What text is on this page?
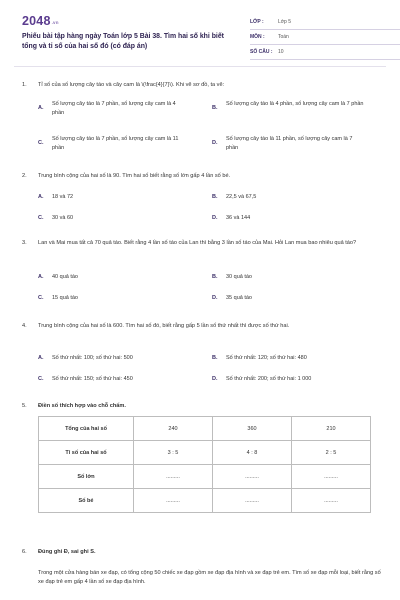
$2048^{.vn}$
Phiếu bài tập hàng ngày Toán lớp 5 Bài 38. Tìm hai số khi biết tổng và tỉ số của hai số đó (có đáp án)
LỚP :	Lớp 5
MÔN :	Toán
SỐ CÂU : 10
1. Tỉ số của số lượng cây táo và cây cam là \(\frac{4}{7}\). Khi vẽ sơ đồ, ta vẽ:
A.
Số lượng cây táo là 7 phần, số lượng cây cam là 4 phần
B.
Số lượng cây táo là 4 phần, số lượng cây cam là 7 phần
C.
Số lượng cây táo là 7 phần, số lượng cây cam là 11 phần
D.
Số lượng cây táo là 11 phần, số lượng cây cam là 7 phần
2. Trung bình cộng của hai số là 90. Tìm hai số biết rằng số lớn gấp 4 lần số bé.
A. 18 và 72	B. 22,5 và 67,5
C. 30 và 60	D. 36 và 144
3. Lan và Mai mua tất cả 70 quả táo. Biết rằng 4 lần số táo của Lan thì bằng 3 lần số táo của Mai. Hỏi Lan mua bao nhiêu quả táo?
A. 40 quả táo	B. 30 quả táo
C. 15 quả táo	D. 35 quả táo
4. Trung bình cộng của hai số là 600. Tìm hai số đó, biết rằng gấp 5 lần số thứ nhất thì được số thứ hai.
A. Số thứ nhất: 100; số thứ hai: 500	B. Số thứ nhất: 120; số thứ hai: 480
C. Số thứ nhất: 150; số thứ hai: 450	D. Số thứ nhất: 200; số thứ hai: 1 000
5. Điền số thích hợp vào chỗ chấm.
Tổng của hai số	240	360	210
Tỉ số của hai số	3 : 5	4 : 8	2 : 5
Số lớn	.........	.........	.........
Số bé	.........	.........	.........
6. Đúng ghi Đ, sai ghi S.
Trong một cửa hàng bán xe đạp, có tổng cộng 50 chiếc xe đạp gồm xe đạp địa hình và xe đạp trẻ em. Tìm số xe đạp mỗi loại, biết rằng số xe đạp trẻ em gấp 4 lần số xe đạp địa hình.
